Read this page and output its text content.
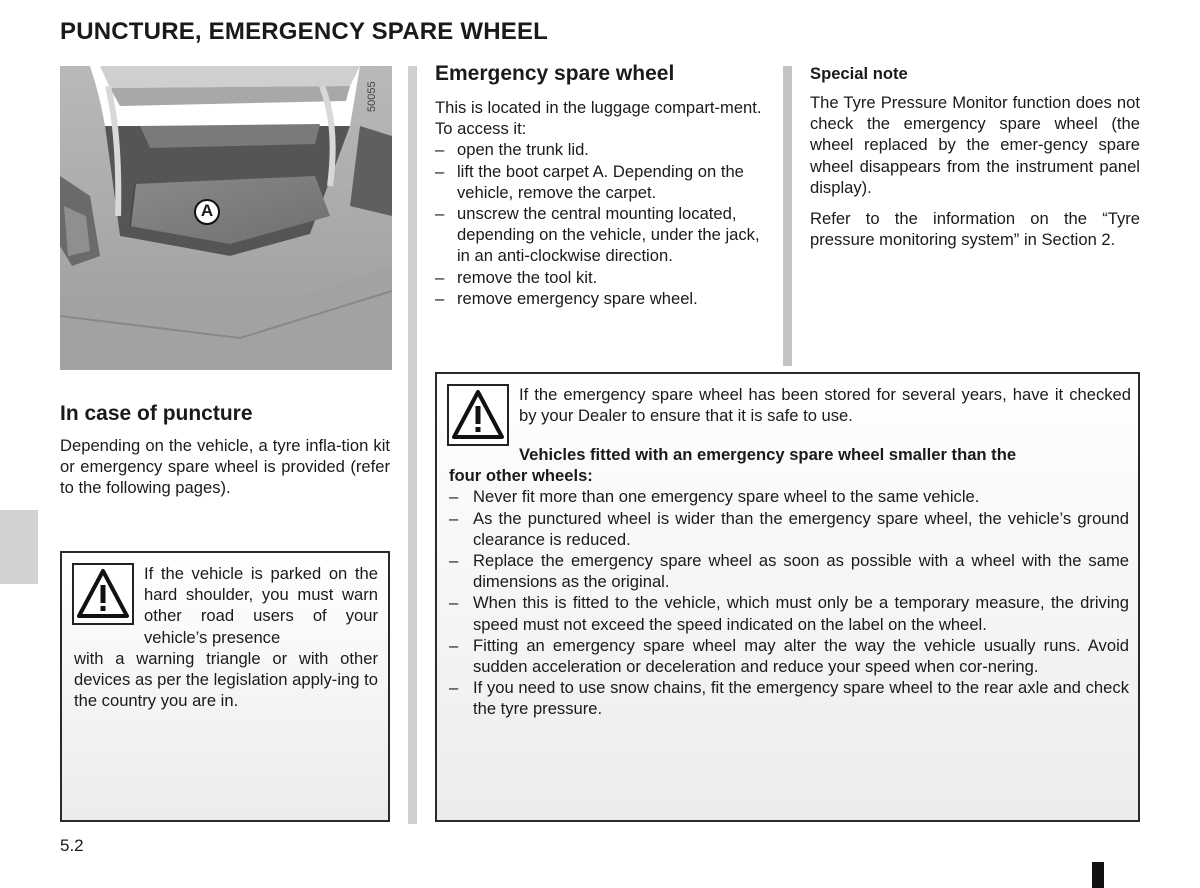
PUNCTURE, EMERGENCY SPARE WHEEL
A
50055
In case of puncture

Depending on the vehicle, a tyre infla-tion kit or emergency spare wheel is provided (refer to the following pages).

If the vehicle is parked on the hard shoulder, you must warn other road users of your vehicle’s presence
with a warning triangle or with other devices as per the legislation apply-ing to the country you are in.
Emergency spare wheel

This is located in the luggage compart-ment.

To access it:

– open the trunk lid.
– lift the boot carpet A. Depending on the vehicle, remove the carpet.
– unscrew the central mounting located, depending on the vehicle, under the jack, in an anti-clockwise direction.
– remove the tool kit.
– remove emergency spare wheel.

Special note

The Tyre Pressure Monitor function does not check the emergency spare wheel (the wheel replaced by the emer-gency spare wheel disappears from the instrument panel display).

Refer to the information on the “Tyre pressure monitoring system” in Section 2.

If the emergency spare wheel has been stored for several years, have it checked by your Dealer to ensure that it is safe to use.

Vehicles fitted with an emergency spare wheel smaller than the

four other wheels:

– Never fit more than one emergency spare wheel to the same vehicle.
– As the punctured wheel is wider than the emergency spare wheel, the vehicle’s ground clearance is reduced.
– Replace the emergency spare wheel as soon as possible with a wheel with the same dimensions as the original.
– When this is fitted to the vehicle, which must only be a temporary measure, the driving speed must not exceed the speed indicated on the label on the wheel.
– Fitting an emergency spare wheel may alter the way the vehicle usually runs. Avoid sudden acceleration or deceleration and reduce your speed when cor-nering.
– If you need to use snow chains, fit the emergency spare wheel to the rear axle and check the tyre pressure.
5.2
